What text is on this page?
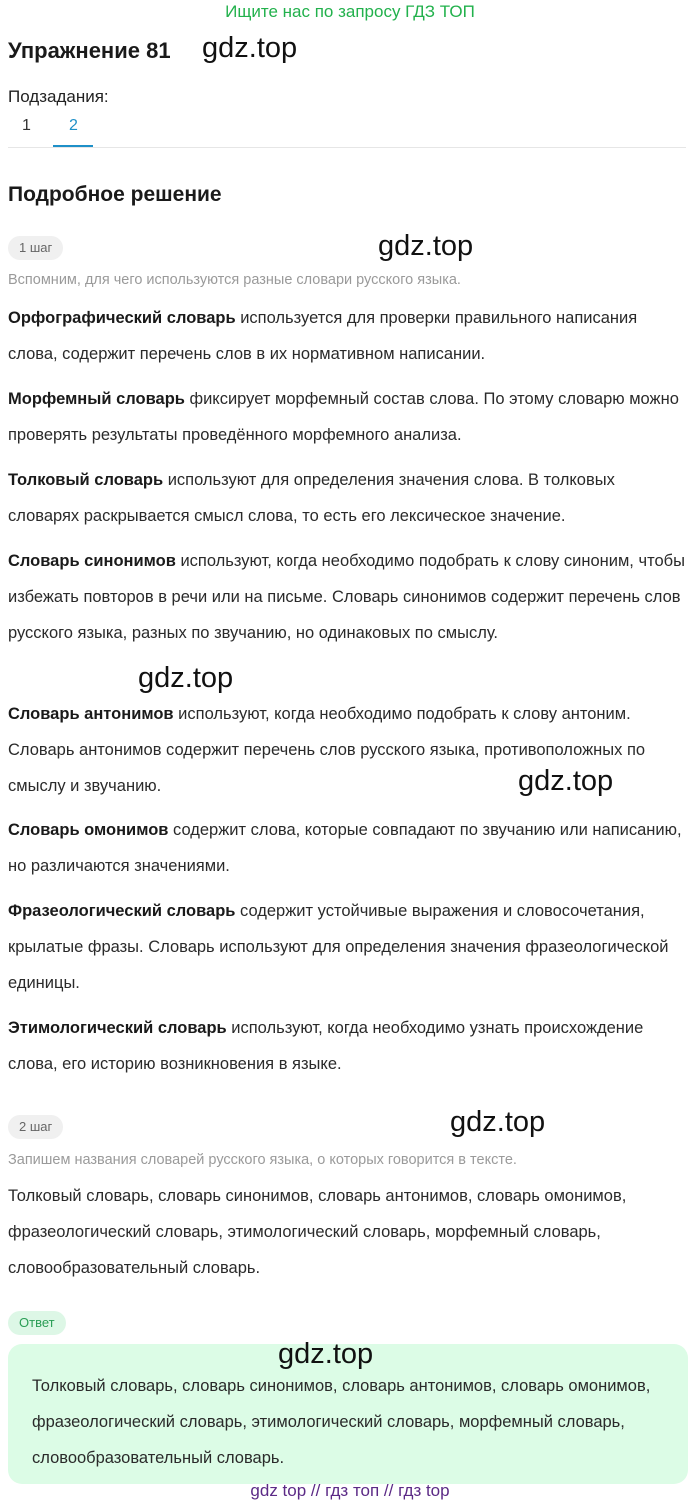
Ищите нас по запросу ГДЗ ТОП
Упражнение 81 gdz.top
Подзадания:
1 2
Подробное решение
1 шаг	gdz.top
Вспомним, для чего используются разные словари русского языка.
Орфографический словарь используется для проверки правильного написания слова, содержит перечень слов в их нормативном написании.
Морфемный словарь фиксирует морфемный состав слова. По этому словарю можно проверять результаты проведённого морфемного анализа.
Толковый словарь используют для определения значения слова. В толковых словарях раскрывается смысл слова, то есть его лексическое значение.
Словарь синонимов используют, когда необходимо подобрать к слову синоним, чтобы избежать повторов в речи или на письме. Словарь синонимов содержит перечень слов русского языка, разных по звучанию, но одинаковых по смыслу.
gdz.top
Словарь антонимов используют, когда необходимо подобрать к слову антоним. Словарь антонимов содержит перечень слов русского языка, противоположных по смыслу и звучанию.	gdz.top
Словарь омонимов содержит слова, которые совпадают по звучанию или написанию, но различаются значениями.
Фразеологический словарь содержит устойчивые выражения и словосочетания, крылатые фразы. Словарь используют для определения значения фразеологической единицы.
Этимологический словарь используют, когда необходимо узнать происхождение слова, его историю возникновения в языке.
2 шаг	gdz.top
Запишем названия словарей русского языка, о которых говорится в тексте.
Толковый словарь, словарь синонимов, словарь антонимов, словарь омонимов, фразеологический словарь, этимологический словарь, морфемный словарь, словообразовательный словарь.
Ответ
gdz.top
Толковый словарь, словарь синонимов, словарь антонимов, словарь омонимов, фразеологический словарь, этимологический словарь, морфемный словарь, словообразовательный словарь.
gdz top // гдз топ // гдз top
